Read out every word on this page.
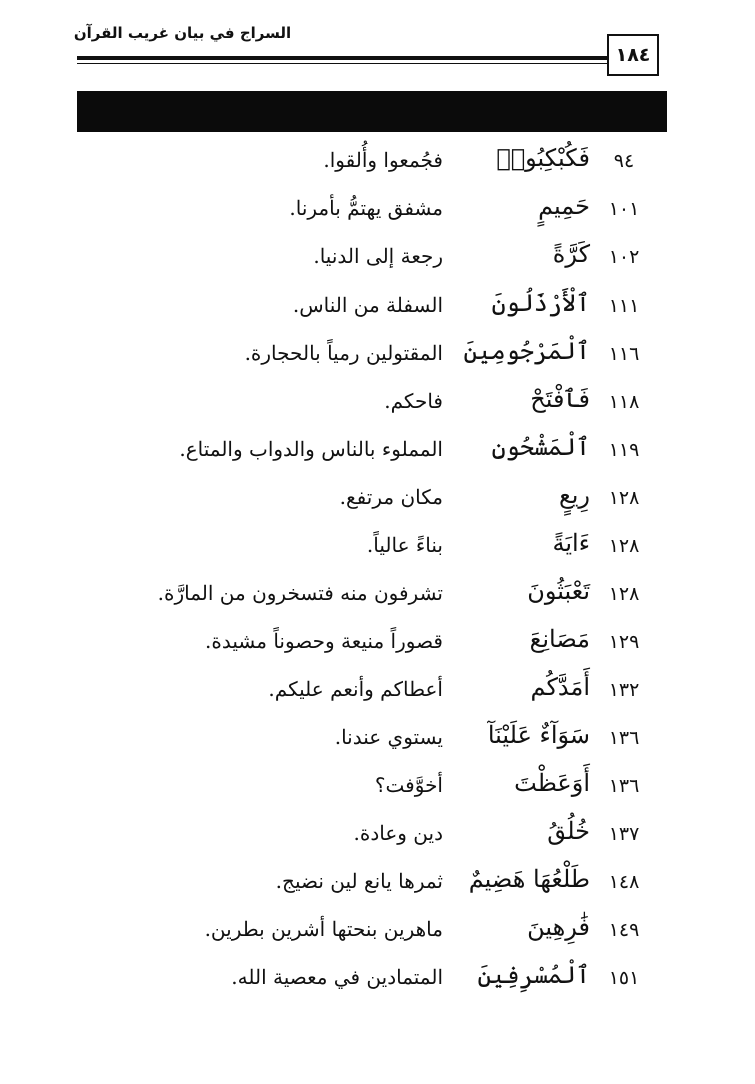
السراج في بيان غريب القرآن
١٨٤
٩٤
فَكُبْكِبُوا۟
فجُمعوا وأُلقوا.
١٠١
حَمِيمٍ
مشفق يهتمُّ بأمرنا.
١٠٢
كَرَّةً
رجعة إلى الدنيا.
١١١
ٱلْأَرْذَلُونَ
السفلة من الناس.
١١٦
ٱلْمَرْجُومِينَ
المقتولين رمياً بالحجارة.
١١٨
فَٱفْتَحْ
فاحكم.
١١٩
ٱلْمَشْحُونِ
المملوء بالناس والدواب والمتاع.
١٢٨
رِيعٍ
مكان مرتفع.
١٢٨
ءَايَةً
بناءً عالياً.
١٢٨
تَعْبَثُونَ
تشرفون منه فتسخرون من المارَّة.
١٢٩
مَصَانِعَ
قصوراً منيعة وحصوناً مشيدة.
١٣٢
أَمَدَّكُم
أعطاكم وأنعم عليكم.
١٣٦
سَوَآءٌ عَلَيْنَآ
يستوي عندنا.
١٣٦
أَوَعَظْتَ
أخوَّفت؟
١٣٧
خُلُقُ
دين وعادة.
١٤٨
طَلْعُهَا هَضِيمٌ
ثمرها يانع لين نضيج.
١٤٩
فَٰرِهِينَ
ماهرين بنحتها أشرين بطرين.
١٥١
ٱلْمُسْرِفِينَ
المتمادين في معصية الله.
